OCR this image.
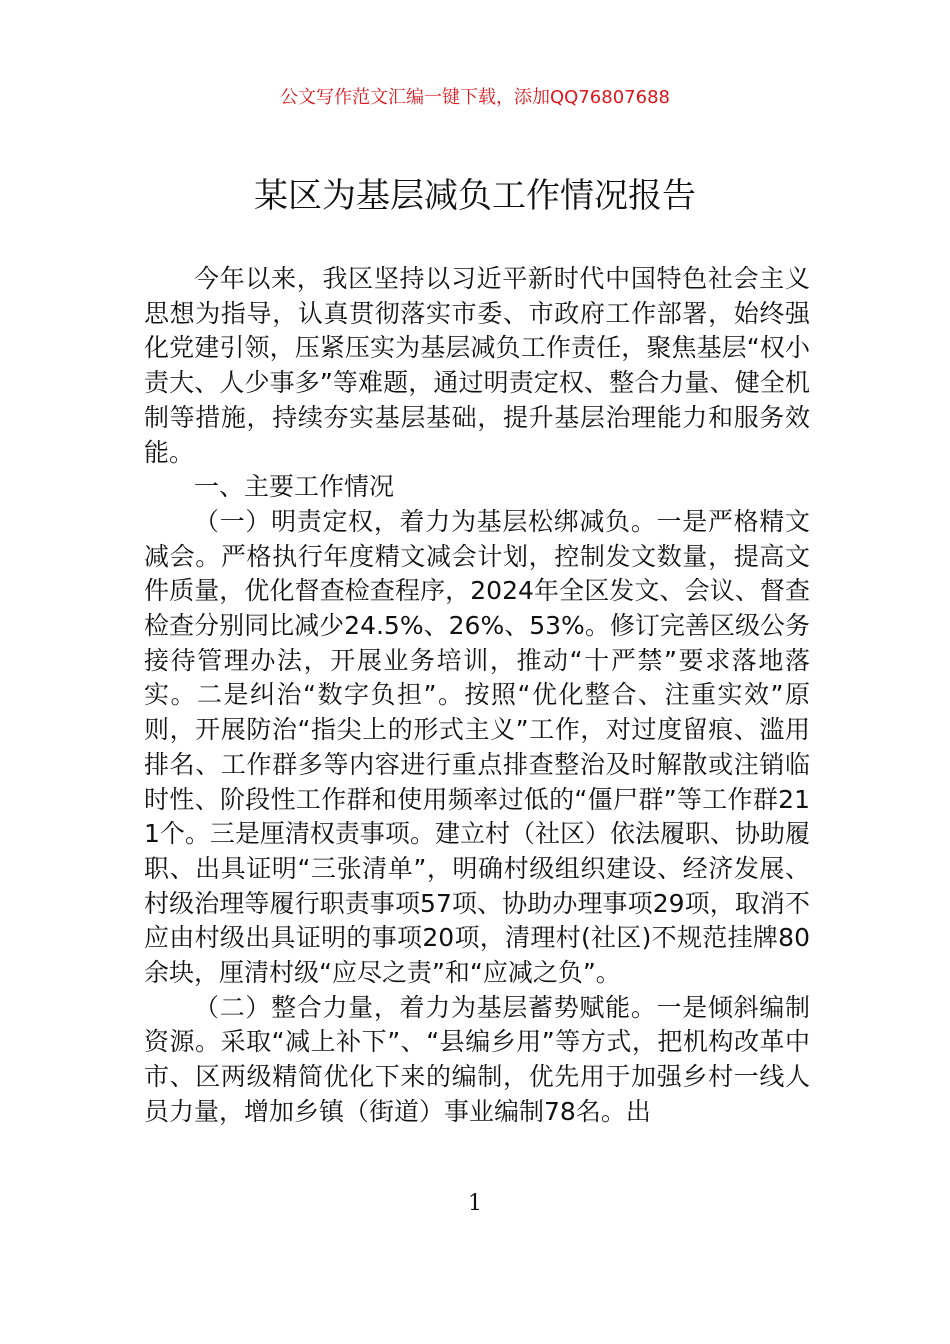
公文写作范文汇编一键下载，添加QQ76807688
某区为基层减负工作情况报告

今年以来，我区坚持以习近平新时代中国特色社会主义思想为指导，认真贯彻落实市委、市政府工作部署，始终强化党建引领，压紧压实为基层减负工作责任，聚焦基层“权小责大、人少事多”等难题，通过明责定权、整合力量、健全机制等措施，持续夯实基层基础，提升基层治理能力和服务效能。

一、主要工作情况

（一）明责定权，着力为基层松绑减负。一是严格精文减会。严格执行年度精文减会计划，控制发文数量，提高文件质量，优化督查检查程序，2024年全区发文、会议、督查检查分别同比减少24.5%、26%、53%。修订完善区级公务接待管理办法，开展业务培训，推动“十严禁”要求落地落实。二是纠治“数字负担”。按照“优化整合、注重实效”原则，开展防治“指尖上的形式主义”工作，对过度留痕、滥用排名、工作群多等内容进行重点排查整治及时解散或注销临时性、阶段性工作群和使用频率过低的“僵尸群”等工作群211个。三是厘清权责事项。建立村（社区）依法履职、协助履职、出具证明“三张清单”，明确村级组织建设、经济发展、村级治理等履行职责事项57项、协助办理事项29项，取消不应由村级出具证明的事项20项，清理村(社区)不规范挂牌80余块，厘清村级“应尽之责”和“应减之负”。

（二）整合力量，着力为基层蓄势赋能。一是倾斜编制资源。采取“减上补下”、“县编乡用”等方式，把机构改革中市、区两级精简优化下来的编制，优先用于加强乡村一线人员力量，增加乡镇（街道）事业编制78名。出

1
